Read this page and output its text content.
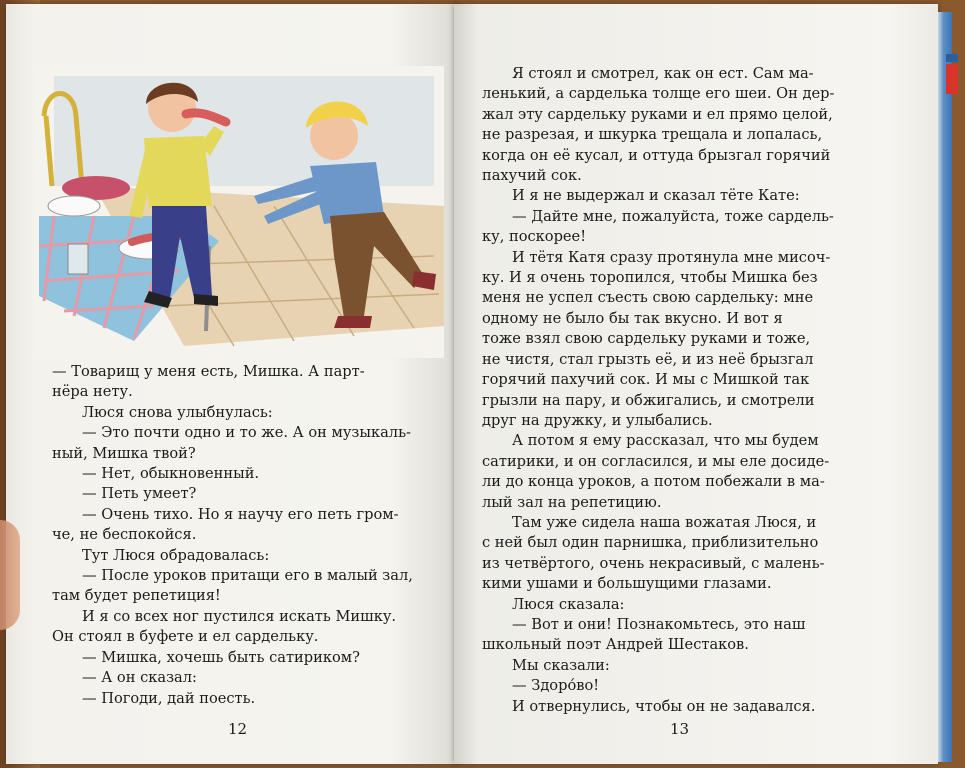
— Товарищ у меня есть, Мишка. А парт-

нёра нету.

Люся снова улыбнулась:

— Это почти одно и то же. А он музыкаль-

ный, Мишка твой?

— Нет, обыкновенный.

— Петь умеет?

— Очень тихо. Но я научу его петь гром-

че, не беспокойся.

Тут Люся обрадовалась:

— После уроков притащи его в малый зал,

там будет репетиция!

И я со всех ног пустился искать Мишку.

Он стоял в буфете и ел сардельку.

— Мишка, хочешь быть сатириком?

— А он сказал:

— Погоди, дай поесть.

12

Я стоял и смотрел, как он ест. Сам ма-

ленький, а сарделька толще его шеи. Он дер-

жал эту сардельку руками и ел прямо целой,

не разрезая, и шкурка трещала и лопалась,

когда он её кусал, и оттуда брызгал горячий

пахучий сок.

И я не выдержал и сказал тёте Кате:

— Дайте мне, пожалуйста, тоже сардель-

ку, поскорее!

И тётя Катя сразу протянула мне мисоч-

ку. И я очень торопился, чтобы Мишка без

меня не успел съесть свою сардельку: мне

одному не было бы так вкусно. И вот я

тоже взял свою сардельку руками и тоже,

не чистя, стал грызть её, и из неё брызгал

горячий пахучий сок. И мы с Мишкой так

грызли на пару, и обжигались, и смотрели

друг на дружку, и улыбались.

А потом я ему рассказал, что мы будем

сатирики, и он согласился, и мы еле досиде-

ли до конца уроков, а потом побежали в ма-

лый зал на репетицию.

Там уже сидела наша вожатая Люся, и

с ней был один парнишка, приблизительно

из четвёртого, очень некрасивый, с малень-

кими ушами и большущими глазами.

Люся сказала:

— Вот и они! Познакомьтесь, это наш

школьный поэт Андрей Шестаков.

Мы сказали:

— Здоро́во!

И отвернулись, чтобы он не задавался.

13
